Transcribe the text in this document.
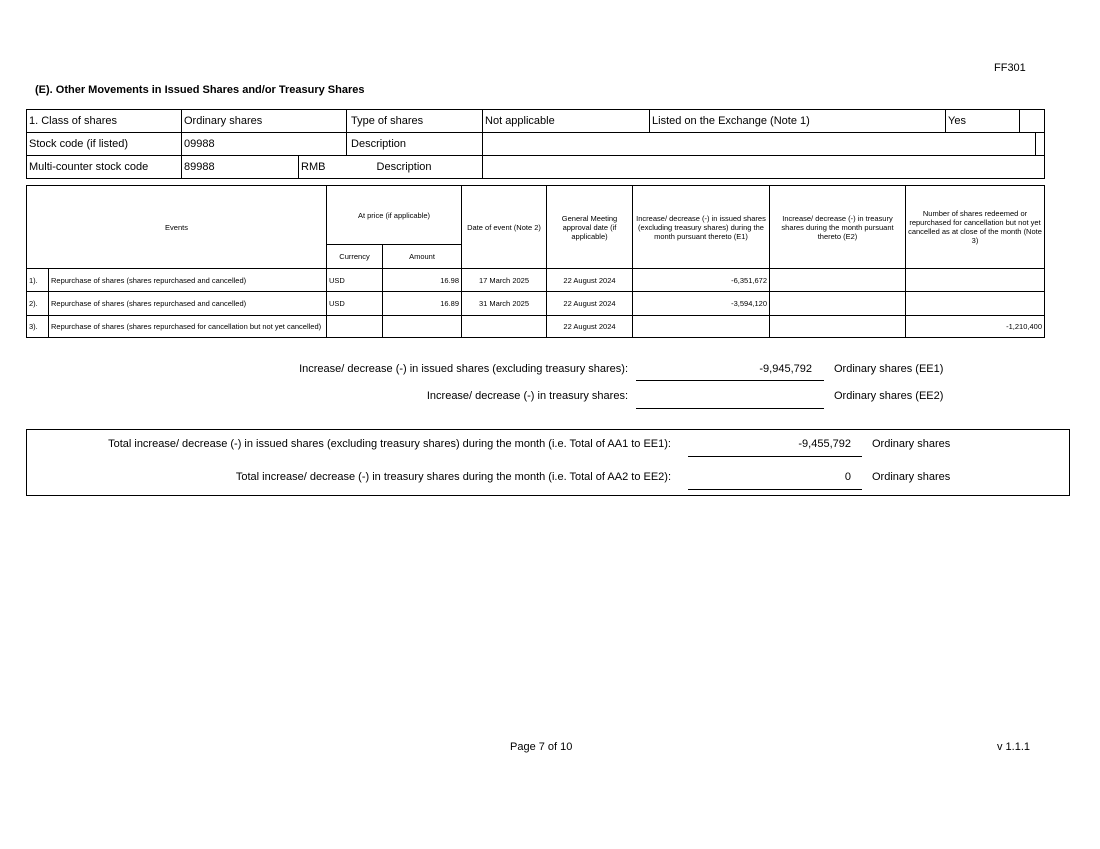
FF301
(E). Other Movements in Issued Shares and/or Treasury Shares
1. Class of shares	Ordinary shares		Type of shares	Not applicable	Listed on the Exchange (Note 1)	Yes		
Stock code (if listed)	09988		Description					
Multi-counter stock code	89988	RMB	Description					
Events		At price (if applicable)		Date of event (Note 2)	General Meeting approval date (if applicable)	Increase/ decrease (-) in issued shares (excluding treasury shares) during the month pursuant thereto (E1)	Increase/ decrease (-) in treasury shares during the month pursuant thereto (E2)	Number of shares redeemed or repurchased for cancellation but not yet cancelled as at close of the month (Note 3)
		Currency	Amount					
1).	Repurchase of shares (shares repurchased and cancelled)	USD	16.98	17 March 2025	22 August 2024	-6,351,672		
2).	Repurchase of shares (shares repurchased and cancelled)	USD	16.89	31 March 2025	22 August 2024	-3,594,120		
3).	Repurchase of shares (shares repurchased for cancellation but not yet cancelled)				22 August 2024			-1,210,400
Increase/ decrease (-) in issued shares (excluding treasury shares):	-9,945,792 Ordinary shares (EE1)
Increase/ decrease (-) in treasury shares:	Ordinary shares (EE2)
Total increase/ decrease (-) in issued shares (excluding treasury shares) during the month (i.e. Total of AA1 to EE1):	-9,455,792 Ordinary shares
Total increase/ decrease (-) in treasury shares during the month (i.e. Total of AA2 to EE2):	0 Ordinary shares
Page 7 of 10	v 1.1.1
